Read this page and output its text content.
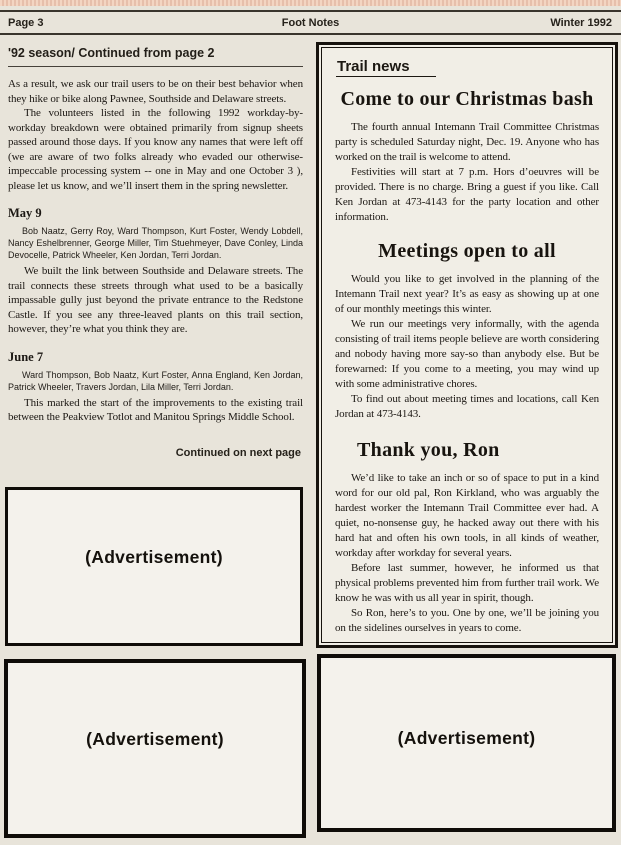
Page 3	Foot Notes	Winter 1992
'92 season/ Continued from page 2

As a result, we ask our trail users to be on their best behavior when they hike or bike along Pawnee, Southside and Delaware streets.

The volunteers listed in the following 1992 workday-by-workday breakdown were obtained primarily from signup sheets passed around those days. If you know any names that were left off (we are aware of two folks already who evaded our otherwise-impeccable processing system -- one in May and one October 3 ), please let us know, and we’ll insert them in the spring newsletter.

May 9

Bob Naatz, Gerry Roy, Ward Thompson, Kurt Foster, Wendy Lobdell, Nancy Eshelbrenner, George Miller, Tim Stuehmeyer, Dave Conley, Linda Devocelle, Patrick Wheeler, Ken Jordan, Terri Jordan.

We built the link between Southside and Delaware streets. The trail connects these streets through what used to be a basically impassable gully just beyond the private entrance to the Redstone Castle. If you see any three-leaved plants on this trail section, however, they’re what you think they are.

June 7

Ward Thompson, Bob Naatz, Kurt Foster, Anna England, Ken Jordan, Patrick Wheeler, Travers Jordan, Lila Miller, Terri Jordan.

This marked the start of the improvements to the existing trail between the Peakview Totlot and Manitou Springs Middle School.

Continued on next page

Trail news
Come to our Christmas bash

The fourth annual Intemann Trail Committee Christmas party is scheduled Saturday night, Dec. 19. Anyone who has worked on the trail is welcome to attend.

Festivities will start at 7 p.m. Hors d’oeuvres will be provided. There is no charge. Bring a guest if you like. Call Ken Jordan at 473-4143 for the party location and other information.

Meetings open to all

Would you like to get involved in the planning of the Intemann Trail next year? It’s as easy as showing up at one of our monthly meetings this winter.

We run our meetings very informally, with the agenda consisting of trail items people believe are worth considering and nobody having more say-so than anybody else. But be forewarned: If you come to a meeting, you may wind up with some administrative chores.

To find out about meeting times and locations, call Ken Jordan at 473-4143.

Thank you, Ron

We’d like to take an inch or so of space to put in a kind word for our old pal, Ron Kirkland, who was arguably the hardest worker the Intemann Trail Committee ever had. A quiet, no-nonsense guy, he hacked away out there with his hard hat and often his own tools, in all kinds of weather, workday after workday for several years.

Before last summer, however, he informed us that physical problems prevented him from further trail work. We know he was with us all year in spirit, though.

So Ron, here’s to you. One by one, we’ll be joining you on the sidelines ourselves in years to come.

(Advertisement)
(Advertisement)	(Advertisement)
